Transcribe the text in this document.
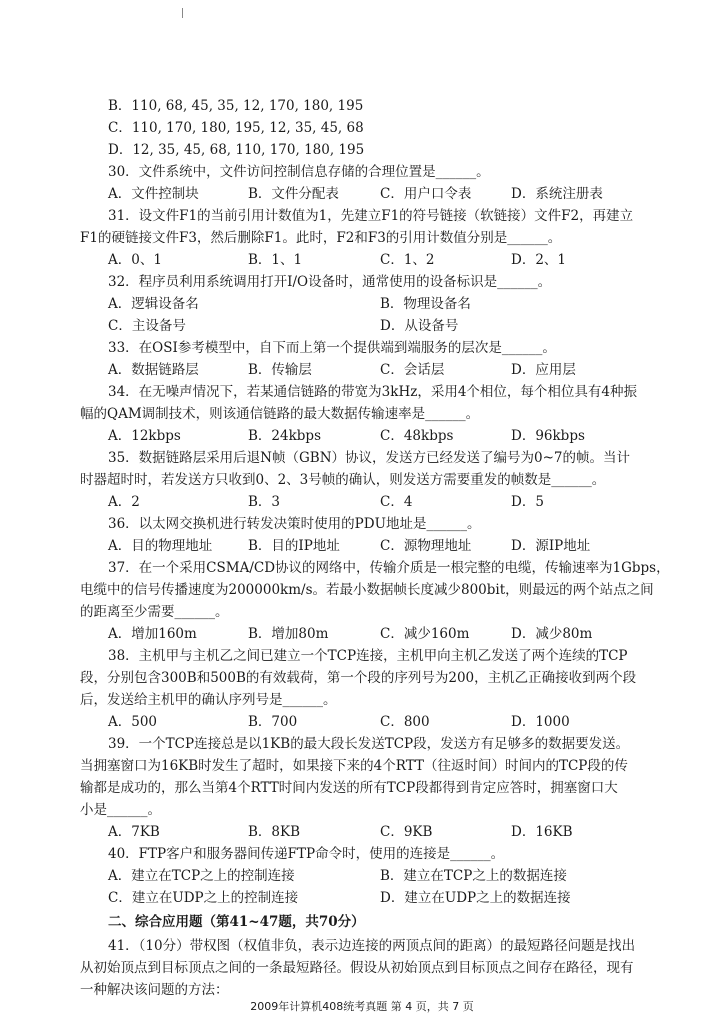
B．110, 68, 45, 35, 12, 170, 180, 195
C．110, 170, 180, 195, 12, 35, 45, 68
D．12, 35, 45, 68, 110, 170, 180, 195
30．文件系统中，文件访问控制信息存储的合理位置是______。
A．文件控制块	B．文件分配表	C．用户口令表	D．系统注册表
31．设文件F1的当前引用计数值为1，先建立F1的符号链接（软链接）文件F2，再建立
F1的硬链接文件F3，然后删除F1。此时，F2和F3的引用计数值分别是______。
A．0、1	B．1、1	C．1、2	D．2、1
32．程序员利用系统调用打开I/O设备时，通常使用的设备标识是______。
A．逻辑设备名	B．物理设备名
C．主设备号	D．从设备号
33．在OSI参考模型中，自下而上第一个提供端到端服务的层次是______。
A．数据链路层	B．传输层	C．会话层	D．应用层
34．在无噪声情况下，若某通信链路的带宽为3kHz，采用4个相位，每个相位具有4种振
幅的QAM调制技术，则该通信链路的最大数据传输速率是______。
A．12kbps	B．24kbps	C．48kbps	D．96kbps
35．数据链路层采用后退N帧（GBN）协议，发送方已经发送了编号为0~7的帧。当计
时器超时时，若发送方只收到0、2、3号帧的确认，则发送方需要重发的帧数是______。
A．2	B．3	C．4	D．5
36．以太网交换机进行转发决策时使用的PDU地址是______。
A．目的物理地址	B．目的IP地址	C．源物理地址	D．源IP地址
37．在一个采用CSMA/CD协议的网络中，传输介质是一根完整的电缆，传输速率为1Gbps，
电缆中的信号传播速度为200000km/s。若最小数据帧长度减少800bit，则最远的两个站点之间
的距离至少需要______。
A．增加160m	B．增加80m	C．减少160m	D．减少80m
38．主机甲与主机乙之间已建立一个TCP连接，主机甲向主机乙发送了两个连续的TCP
段，分别包含300B和500B的有效载荷，第一个段的序列号为200，主机乙正确接收到两个段
后，发送给主机甲的确认序列号是______。
A．500	B．700	C．800	D．1000
39．一个TCP连接总是以1KB的最大段长发送TCP段，发送方有足够多的数据要发送。
当拥塞窗口为16KB时发生了超时，如果接下来的4个RTT（往返时间）时间内的TCP段的传
输都是成功的，那么当第4个RTT时间内发送的所有TCP段都得到肯定应答时，拥塞窗口大
小是______。
A．7KB	B．8KB	C．9KB	D．16KB
40．FTP客户和服务器间传递FTP命令时，使用的连接是______。
A．建立在TCP之上的控制连接	B．建立在TCP之上的数据连接
C．建立在UDP之上的控制连接	D．建立在UDP之上的数据连接
二、综合应用题（第41~47题，共70分）
41．（10分）带权图（权值非负，表示边连接的两顶点间的距离）的最短路径问题是找出
从初始顶点到目标顶点之间的一条最短路径。假设从初始顶点到目标顶点之间存在路径，现有
一种解决该问题的方法：
2009年计算机408统考真题 第 4 页，共 7 页
